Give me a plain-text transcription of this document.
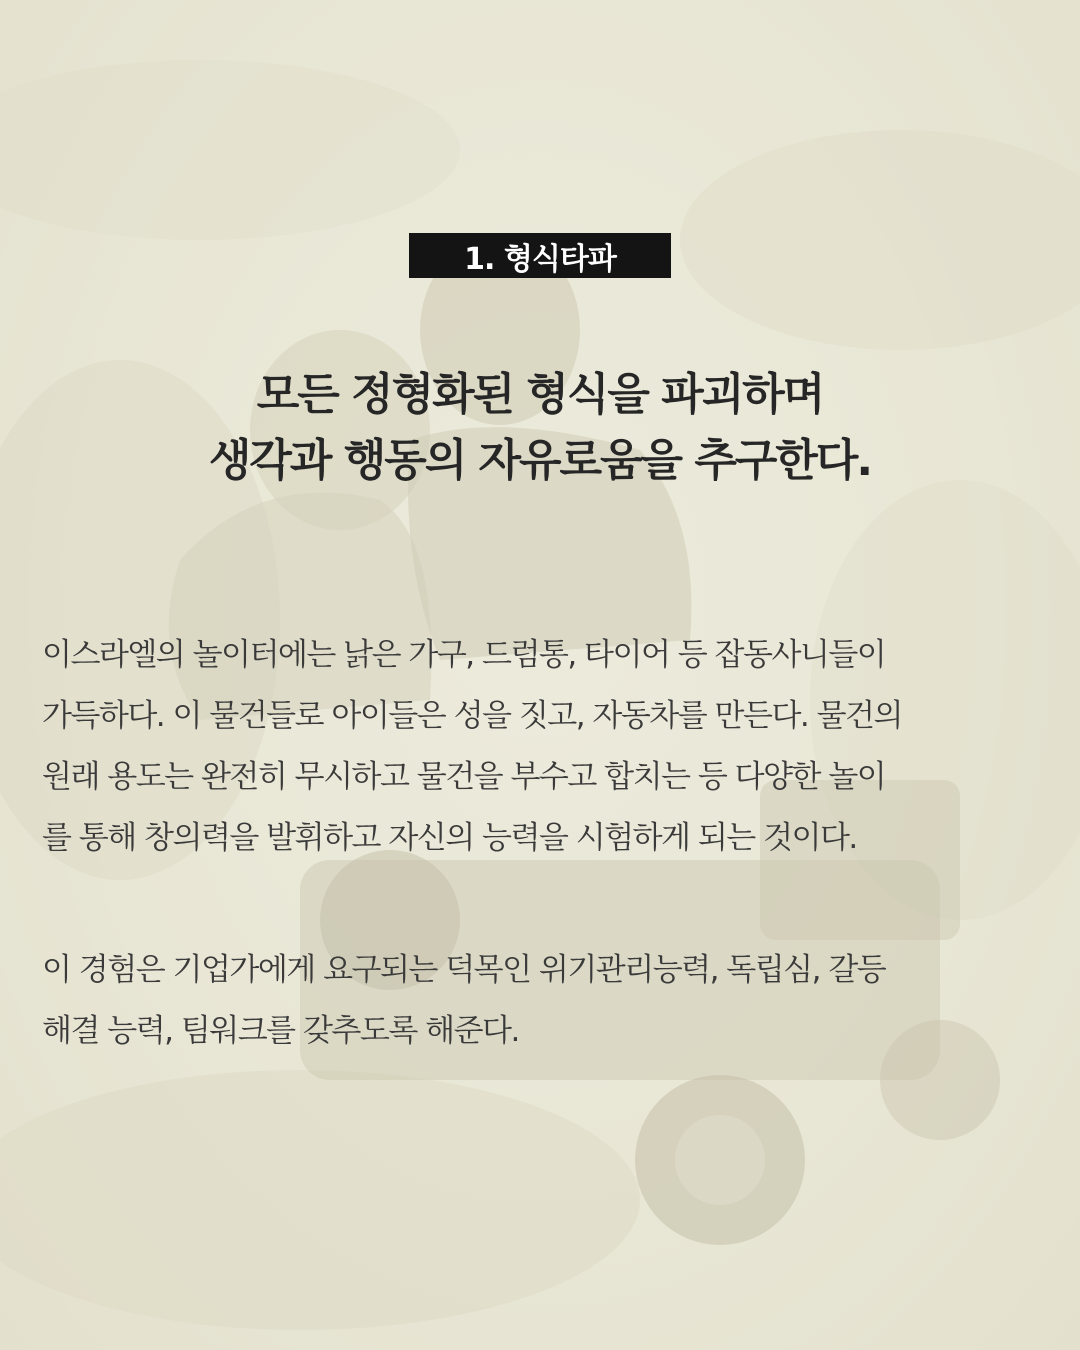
1. 형식타파
모든 정형화된 형식을 파괴하며
생각과 행동의 자유로움을 추구한다.
이스라엘의 놀이터에는 낡은 가구, 드럼통, 타이어 등 잡동사니들이
가득하다. 이 물건들로 아이들은 성을 짓고, 자동차를 만든다. 물건의
원래 용도는 완전히 무시하고 물건을 부수고 합치는 등 다양한 놀이
를 통해 창의력을 발휘하고 자신의 능력을 시험하게 되는 것이다.
이 경험은 기업가에게 요구되는 덕목인 위기관리능력, 독립심, 갈등
해결 능력, 팀워크를 갖추도록 해준다.
